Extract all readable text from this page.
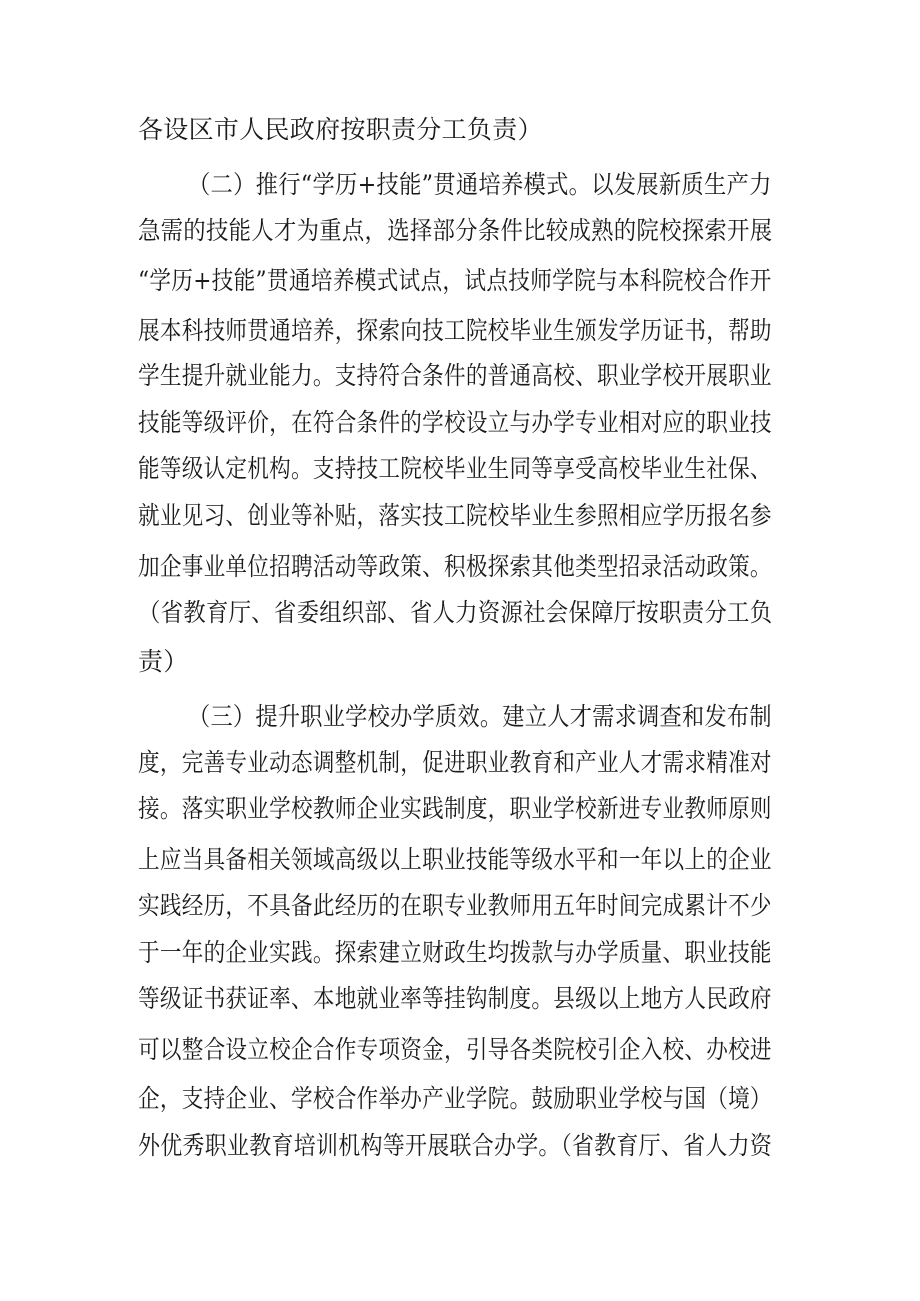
各设区市人民政府按职责分工负责）
（二）推行“学历+技能”贯通培养模式。以发展新质生产力
急需的技能人才为重点，选择部分条件比较成熟的院校探索开展
“学历+技能”贯通培养模式试点，试点技师学院与本科院校合作开
展本科技师贯通培养，探索向技工院校毕业生颁发学历证书，帮助
学生提升就业能力。支持符合条件的普通高校、职业学校开展职业
技能等级评价，在符合条件的学校设立与办学专业相对应的职业技
能等级认定机构。支持技工院校毕业生同等享受高校毕业生社保、
就业见习、创业等补贴，落实技工院校毕业生参照相应学历报名参
加企事业单位招聘活动等政策、积极探索其他类型招录活动政策。
（省教育厅、省委组织部、省人力资源社会保障厅按职责分工负
责）
（三）提升职业学校办学质效。建立人才需求调查和发布制
度，完善专业动态调整机制，促进职业教育和产业人才需求精准对
接。落实职业学校教师企业实践制度，职业学校新进专业教师原则
上应当具备相关领域高级以上职业技能等级水平和一年以上的企业
实践经历，不具备此经历的在职专业教师用五年时间完成累计不少
于一年的企业实践。探索建立财政生均拨款与办学质量、职业技能
等级证书获证率、本地就业率等挂钩制度。县级以上地方人民政府
可以整合设立校企合作专项资金，引导各类院校引企入校、办校进
企，支持企业、学校合作举办产业学院。鼓励职业学校与国（境）
外优秀职业教育培训机构等开展联合办学。（省教育厅、省人力资
